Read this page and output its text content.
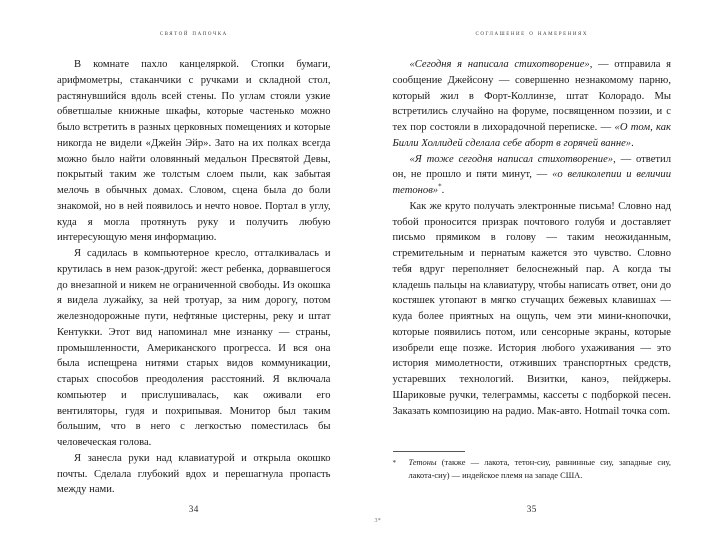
святой папочка

В комнате пахло канцеляркой. Стопки бумаги, арифмометры, стаканчики с ручками и складной стол, растянувшийся вдоль всей стены. По углам стояли узкие обветшалые книжные шкафы, которые частенько можно было встретить в разных церковных помещениях и которые никогда не видели «Джейн Эйр». Зато на их полках всегда можно было найти оловянный медальон Пресвятой Девы, покрытый таким же толстым слоем пыли, как забытая мелочь в обычных домах. Словом, сцена была до боли знакомой, но в ней появилось и нечто новое. Портал в углу, куда я могла протянуть руку и получить любую интересующую меня информацию.

Я садилась в компьютерное кресло, отталкивалась и крутилась в нем разок-другой: жест ребенка, дорвавшегося до внезапной и никем не ограниченной свободы. Из окошка я видела лужайку, за ней тротуар, за ним дорогу, потом железнодорожные пути, нефтяные цистерны, реку и штат Кентукки. Этот вид напоминал мне изнанку — страны, промышленности, Американского прогресса. И вся она была испещрена нитями старых видов коммуникации, старых способов преодоления расстояний. Я включала компьютер и прислушивалась, как оживали его вентиляторы, гудя и похрипывая. Монитор был таким большим, что в него с легкостью поместилась бы человеческая голова.

Я занесла руки над клавиатурой и открыла окошко почты. Сделала глубокий вдох и перешагнула пропасть между нами.

34
соглашение о намерениях

«Сегодня я написала стихотворение», — отправила я сообщение Джейсону — совершенно незнакомому парню, который жил в Форт-Коллинзе, штат Колорадо. Мы встретились случайно на форуме, посвященном поэзии, и с тех пор состояли в лихорадочной переписке. — «О том, как Билли Холлидей сделала себе аборт в горячей ванне».

«Я тоже сегодня написал стихотворение», — ответил он, не прошло и пяти минут, — «о великолепии и величии тетонов»*.

Как же круто получать электронные письма! Словно над тобой проносится призрак почтового голубя и доставляет письмо прямиком в голову — таким неожиданным, стремительным и пернатым кажется это чувство. Словно тебя вдруг переполняет белоснежный пар. А когда ты кладешь пальцы на клавиатуру, чтобы написать ответ, они до костяшек утопают в мягко стучащих бежевых клавишах — куда более приятных на ощупь, чем эти мини-кнопочки, которые появились потом, или сенсорные экраны, которые изобрели еще позже. История любого ухаживания — это история мимолетности, отживших транспортных средств, устаревших технологий. Визитки, каноэ, пейджеры. Шариковые ручки, телеграммы, кассеты с подборкой песен. Заказать композицию на радио. Мак-авто. Hotmail точка com.

* Тетоны (также — лакота, тетон-сиу, равнинные сиу, западные сиу, лакота-сиу) — индейское племя на западе США.

35
3*
